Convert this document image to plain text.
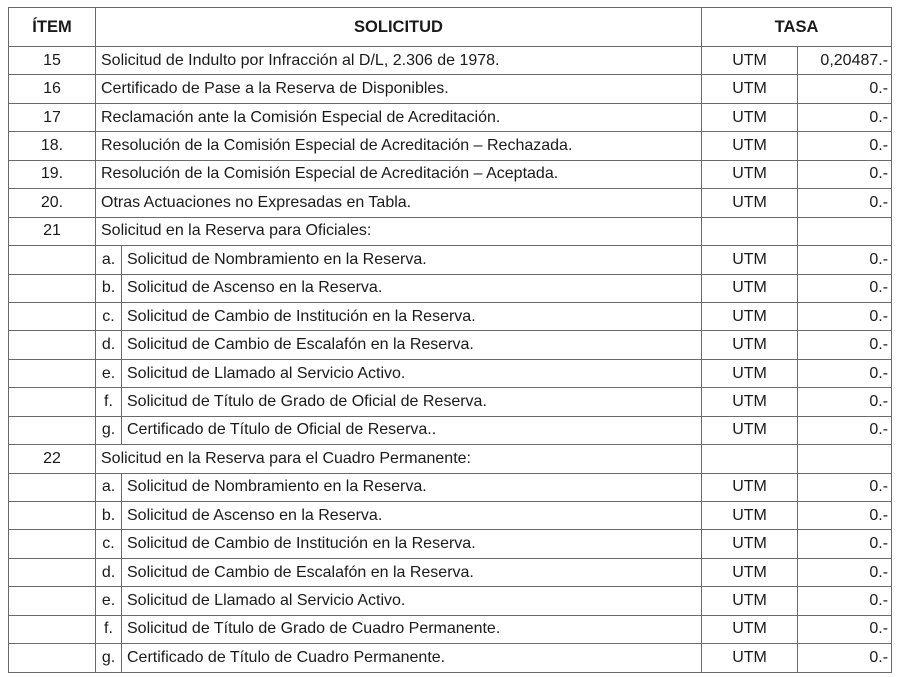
ÍTEM	SOLICITUD		TASA	
15	Solicitud de Indulto por Infracción al D/L, 2.306 de 1978.		UTM	0,20487.-
16	Certificado de Pase a la Reserva de Disponibles.		UTM	0.-
17	Reclamación ante la Comisión Especial de Acreditación.		UTM	0.-
18.	Resolución de la Comisión Especial de Acreditación – Rechazada.		UTM	0.-
19.	Resolución de la Comisión Especial de Acreditación – Aceptada.		UTM	0.-
20.	Otras Actuaciones no Expresadas en Tabla.		UTM	0.-
21	Solicitud en la Reserva para Oficiales:			
	a.	Solicitud de Nombramiento en la Reserva.	UTM	0.-
	b.	Solicitud de Ascenso en la Reserva.	UTM	0.-
	c.	Solicitud de Cambio de Institución en la Reserva.	UTM	0.-
	d.	Solicitud de Cambio de Escalafón en la Reserva.	UTM	0.-
	e.	Solicitud de Llamado al Servicio Activo.	UTM	0.-
	f.	Solicitud de Título de Grado de Oficial de Reserva.	UTM	0.-
	g.	Certificado de Título de Oficial de Reserva..	UTM	0.-
22	Solicitud en la Reserva para el Cuadro Permanente:			
	a.	Solicitud de Nombramiento en la Reserva.	UTM	0.-
	b.	Solicitud de Ascenso en la Reserva.	UTM	0.-
	c.	Solicitud de Cambio de Institución en la Reserva.	UTM	0.-
	d.	Solicitud de Cambio de Escalafón en la Reserva.	UTM	0.-
	e.	Solicitud de Llamado al Servicio Activo.	UTM	0.-
	f.	Solicitud de Título de Grado de Cuadro Permanente.	UTM	0.-
	g.	Certificado de Título de Cuadro Permanente.	UTM	0.-
